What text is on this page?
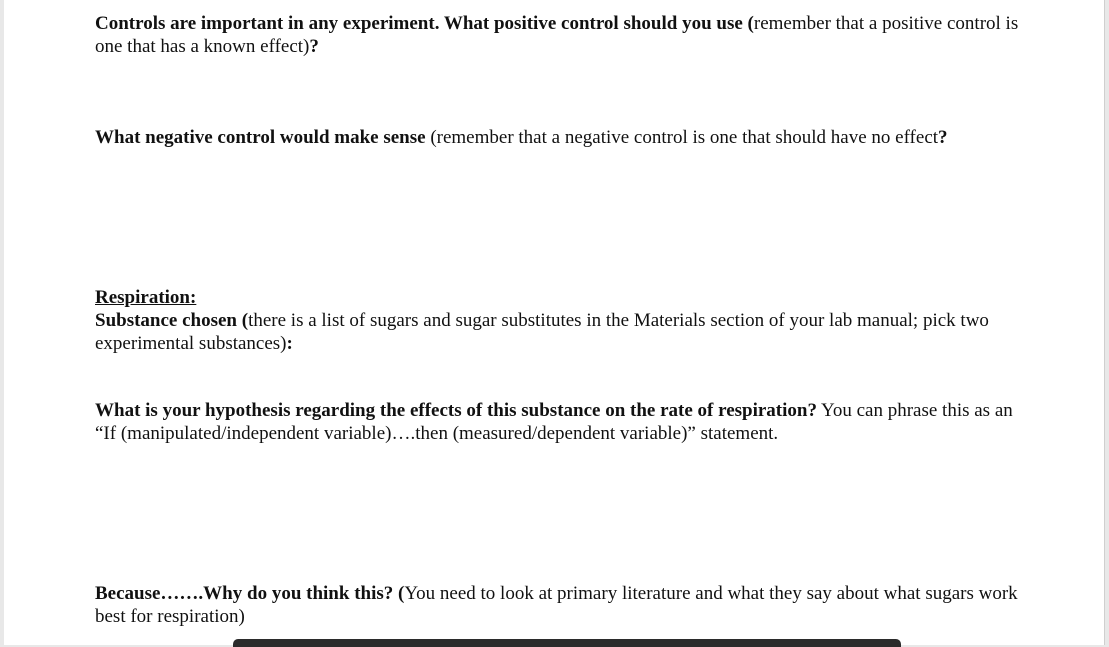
Controls are important in any experiment. What positive control should you use (remember that a positive control is one that has a known effect)?
What negative control would make sense (remember that a negative control is one that should have no effect?
Respiration:
Substance chosen (there is a list of sugars and sugar substitutes in the Materials section of your lab manual; pick two experimental substances):
What is your hypothesis regarding the effects of this substance on the rate of respiration? You can phrase this as an “If (manipulated/independent variable)….then (measured/dependent variable)” statement.
Because…….Why do you think this? (You need to look at primary literature and what they say about what sugars work best for respiration)
